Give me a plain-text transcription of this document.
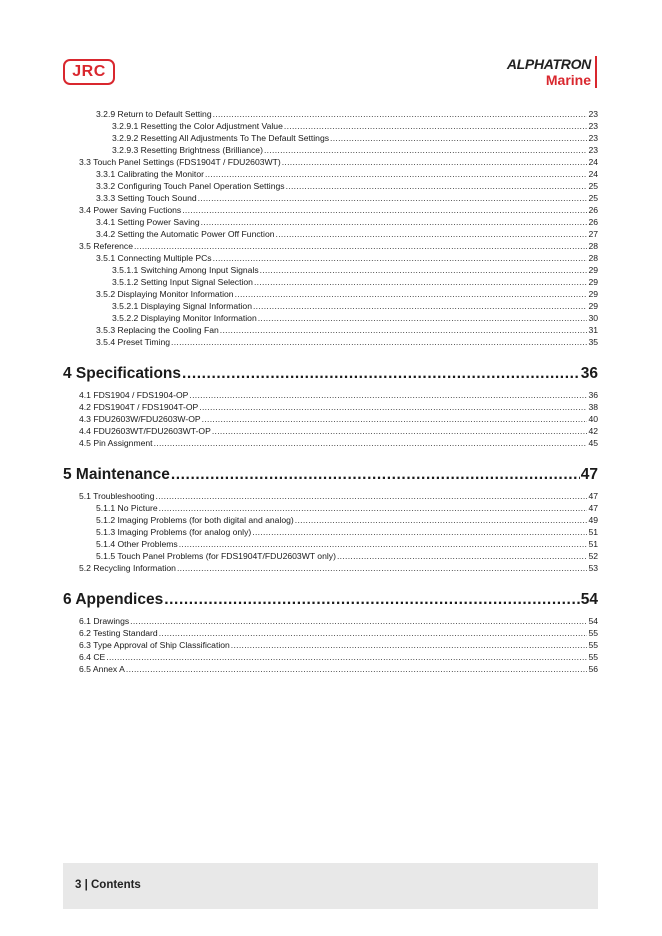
JRC	ALPHATRON
Marine
3.2.9 Return to Default Setting .....	23
3.2.9.1 Resetting the Color Adjustment Value .....	23
3.2.9.2 Resetting All Adjustments To The Default Settings .....	23
3.2.9.3 Resetting Brightness (Brilliance) .....	23
3.3 Touch Panel Settings (FDS1904T / FDU2603WT) .....	24
3.3.1 Calibrating the Monitor .....	24
3.3.2 Configuring Touch Panel Operation Settings .....	25
3.3.3 Setting Touch Sound .....	25
3.4 Power Saving Fuctions .....	26
3.4.1 Setting Power Saving .....	26
3.4.2 Setting the Automatic Power Off Function .....	27
3.5 Reference .....	28
3.5.1 Connecting Multiple PCs .....	28
3.5.1.1 Switching Among Input Signals .....	29
3.5.1.2 Setting Input Signal Selection .....	29
3.5.2 Displaying Monitor Information .....	29
3.5.2.1 Displaying Signal Information .....	29
3.5.2.2 Displaying Monitor Information .....	30
3.5.3 Replacing the Cooling Fan .....	31
3.5.4 Preset Timing .....	35
4 Specifications .....	36
4.1 FDS1904 / FDS1904-OP .....	36
4.2 FDS1904T / FDS1904T-OP .....	38
4.3 FDU2603W/FDU2603W-OP .....	40
4.4 FDU2603WT/FDU2603WT-OP .....	42
4.5 Pin Assignment .....	45
5 Maintenance .....	47
5.1 Troubleshooting .....	47
5.1.1 No Picture .....	47
5.1.2 Imaging Problems (for both digital and analog) .....	49
5.1.3 Imaging Problems (for analog only) .....	51
5.1.4 Other Problems .....	51
5.1.5 Touch Panel Problems (for FDS1904T/FDU2603WT only) .....	52
5.2 Recycling Information .....	53
6 Appendices .....	54
6.1 Drawings .....	54
6.2 Testing Standard .....	55
6.3 Type Approval of Ship Classification .....	55
6.4 CE .....	55
6.5 Annex A .....	56
3 | Contents
